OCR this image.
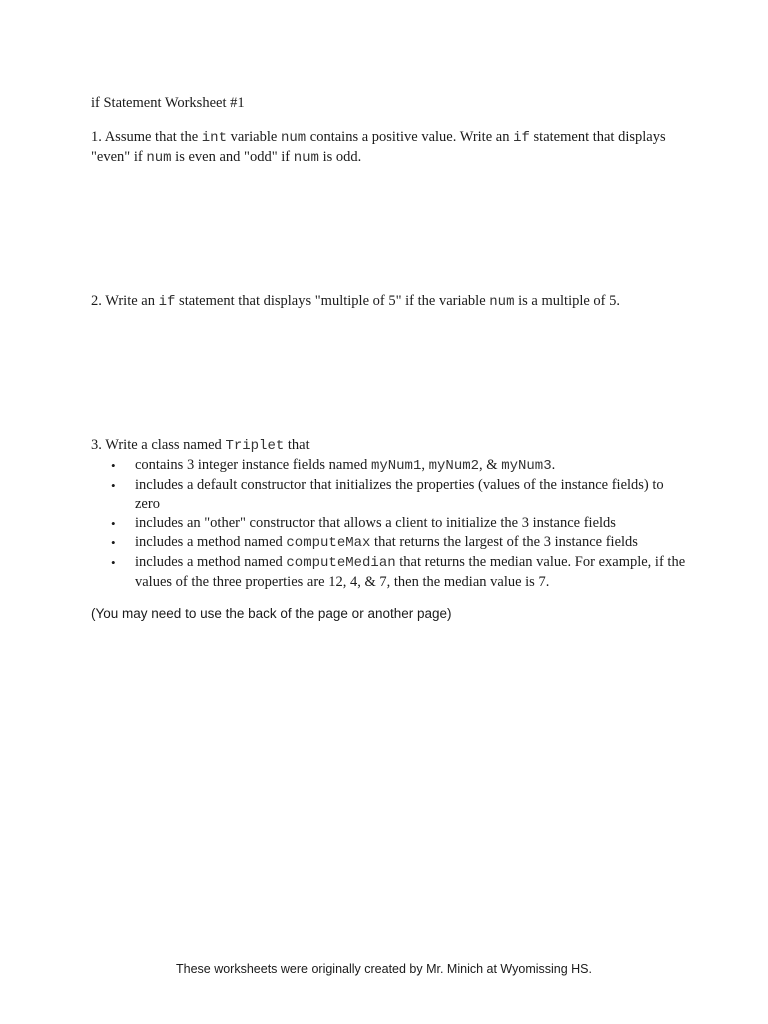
if Statement Worksheet #1
1. Assume that the int variable num contains a positive value. Write an if statement that displays "even" if num is even and "odd" if num is odd.
2. Write an if statement that displays "multiple of 5" if the variable num is a multiple of 5.
3. Write a class named Triplet that
• contains 3 integer instance fields named myNum1, myNum2, & myNum3.
• includes a default constructor that initializes the properties (values of the instance fields) to zero
• includes an "other" constructor that allows a client to initialize the 3 instance fields
• includes a method named computeMax that returns the largest of the 3 instance fields
• includes a method named computeMedian that returns the median value. For example, if the values of the three properties are 12, 4, & 7, then the median value is 7.
(You may need to use the back of the page or another page)
These worksheets were originally created by Mr. Minich at Wyomissing HS.
